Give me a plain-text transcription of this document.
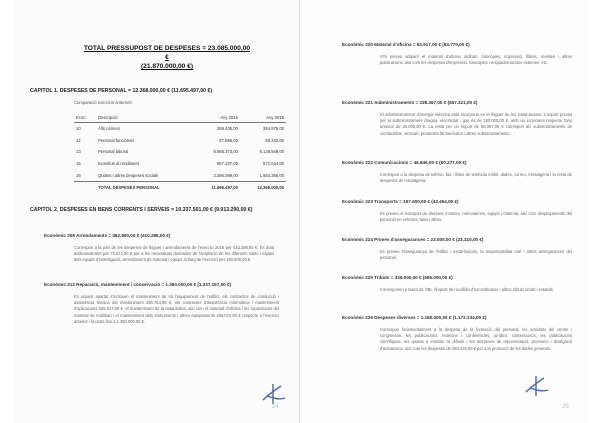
TOTAL PRESSUPOST DE DESPESES = 23.085.000,00 €
(21.870.000,00 €)
CAPITOL 1. DESPESES DE PERSONAL = 12.368.000,00 € (11.695.497,00 €)
Comparació exercicis anteriors:
Econ.	Descripció	Any 2016	Any 2015
10	Alts càrrecs	289.435,00	284.976,00
12	Personal funcionari	57.856,00	58.233,00
13	Personal laboral	8.968.373,00	9.126.849,00
15	Incentius al rendiment	657.237,00	571.044,00
16	Quotes i altres despeses socials	2.395.099,00	1.654.395,00
	TOTAL DESPESES PERSONAL	11.695.497,00	12.368.000,00
CAPITOL 2. DESPESES EN BENS CORRENTS I SERVEIS = 10.337.501,00 € (9.913.290,00 €)
Econòmic 208 Arrendaments = 482.800,00 € (410.288,00 €)
Correspon a la part de les despeses de lloguer i arrendaments de l'exercici 2016 per 410.288,00 €. Es dota addicionalment per 72.512,00 € per a les necessitats derivades de l'ampliació de les diferents sales i espais dels equips d'investigació, arrendament de material i equips al llarg de l'exercici per 482.800,00 €.
Econòmic 212 Reparació, manteniment i conservació = 1.350.000,00 € (1.337.157,00 €)
En aquest apartat s'inclouen el manteniment de tot l'equipament de l'edifici, els contractes de conducció i assistència tècnica del manteniment 286.764,00 €, els contractes d'assistència informàtica i manteniment d'aplicacions 255.347,00 €, el manteniment de la maquinària, així com el material d'oficina i les reparacions del material de mobiliari i el manteniment dels instruments i altres equipaments 495.072,00 € respecte a l'exercici anterior i la resta fins a 1.350.000,00 €.
24
Econòmic 220 Material d'oficina = 83.917,00 € (83.770,00 €)
S'hi preveu adquirir el material d'oficina ordinari, fotocòpies, impressió, llibres, revistes i altres publicacions, així com les despeses d'impressió, fotocòpies i enquadernacions externes, etc.
Econòmic 221 Subministraments = 238.367,00 € (657.321,00 €)
El subministrament d'energia elèctrica està incorporat en el lloguer de les instal·lacions. L'import previst per al subministrament d'aigua, electricitat i gas és de 180.000,00 €, amb un increment respecte l'any anterior de 20.000,00 €. La resta per un import de 58.367,00 € correspon als subministraments de combustible, vestuari, productes farmacèutics i altres subministraments.
Econòmic 222 Comunicacions = 46.846,00 € (60.277,00 €)
Correspon a la despesa de telèfon, fax i línies de telefonia mòbil, dades, correu, missatgeria i la resta de despeses de missatgeria.
Econòmic 223 Transports = 157.600,00 € (43.454,00 €)
Es preveu el transport de diverses mostres, mercaderies, equips i material, així com desplaçaments del personal en vehicles, taxis i altres.
Econòmic 224 Primes d'assegurances = 23.000,00 € (23.310,00 €)
Es preveu l'assegurança de l'edifici i instal·lacions, la responsabilitat civil i altres assegurances del personal.
Econòmic 225 Tributs = 339.000,00 € (685.000,00 €)
Corresponen a taxes de l'IBI, l'impost de recollida d'escombraries i altres tributs locals i estatals.
Econòmic 226 Despeses diverses = 1.180.000,00 € (1.172.234,00 €)
Correspon fonamentalment a la despesa de la formació del personal, les activitats del centre i congressos, les publicacions, reunions i conferències, jurídics, contenciosos, les publicacions científiques, les quotes a entitats, la difusió i les despeses de representació, promoció i divulgació d'actuacions, així com les despeses de 253.225,00 € per a la promoció de les dades generals.
25
